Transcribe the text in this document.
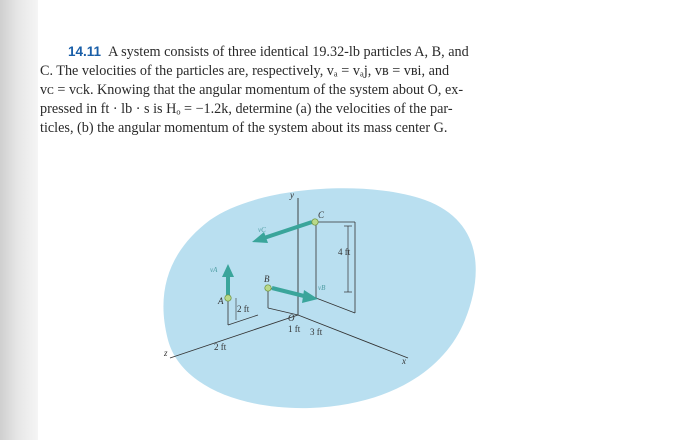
14.11 A system consists of three identical 19.32-lb particles A, B, and
C. The velocities of the particles are, respectively, vₐ = vₐj, vʙ = vʙi, and
vᴄ = vᴄk. Knowing that the angular momentum of the system about O, ex-
pressed in ft · lb · s is Hₒ = −1.2k, determine (a) the velocities of the par-
ticles, (b) the angular momentum of the system about its mass center G.
y
x
z
O
4 ft
2 ft
2 ft
1 ft 3 ft
C
B
A
vC
vA
vB
